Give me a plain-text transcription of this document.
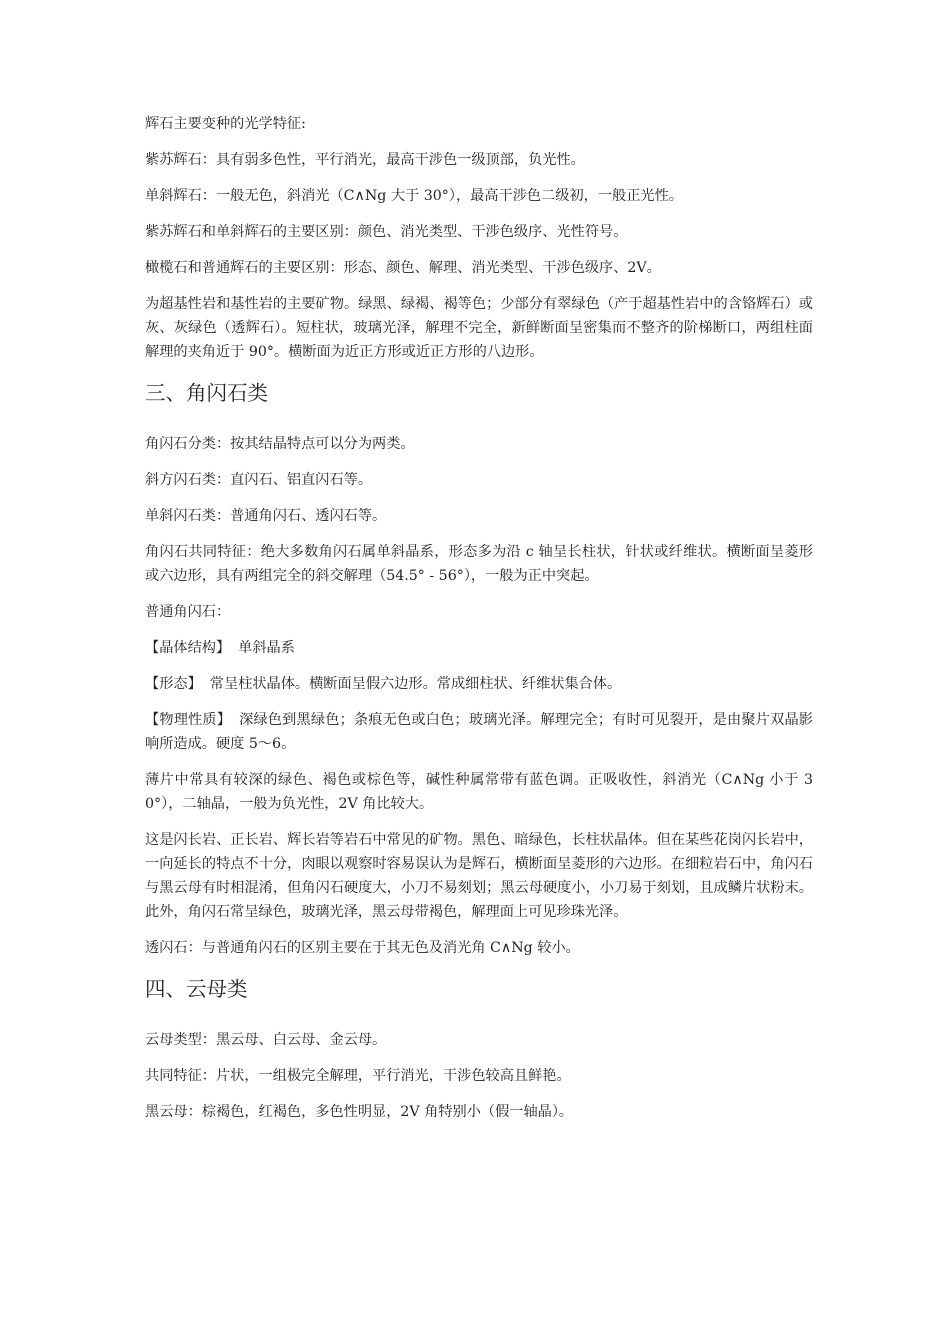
辉石主要变种的光学特征:

紫苏辉石：具有弱多色性，平行消光，最高干涉色一级顶部，负光性。

单斜辉石：一般无色，斜消光（C∧Ng 大于 30°），最高干涉色二级初，一般正光性。

紫苏辉石和单斜辉石的主要区别：颜色、消光类型、干涉色级序、光性符号。

橄榄石和普通辉石的主要区别：形态、颜色、解理、消光类型、干涉色级序、2V。

为超基性岩和基性岩的主要矿物。绿黑、绿褐、褐等色；少部分有翠绿色（产于超基性岩中的含铬辉石）或灰、灰绿色（透辉石）。短柱状，玻璃光泽，解理不完全，新鲜断面呈密集而不整齐的阶梯断口，两组柱面解理的夹角近于 90°。横断面为近正方形或近正方形的八边形。

三、角闪石类

角闪石分类：按其结晶特点可以分为两类。

斜方闪石类：直闪石、铝直闪石等。

单斜闪石类：普通角闪石、透闪石等。

角闪石共同特征：绝大多数角闪石属单斜晶系，形态多为沿 c 轴呈长柱状，针状或纤维状。横断面呈菱形或六边形，具有两组完全的斜交解理（54.5° - 56°），一般为正中突起。

普通角闪石：

【晶体结构】 单斜晶系

【形态】 常呈柱状晶体。横断面呈假六边形。常成细柱状、纤维状集合体。

【物理性质】 深绿色到黑绿色；条痕无色或白色；玻璃光泽。解理完全；有时可见裂开，是由聚片双晶影响所造成。硬度 5～6。

薄片中常具有较深的绿色、褐色或棕色等，碱性种属常带有蓝色调。正吸收性，斜消光（C∧Ng 小于 30°），二轴晶，一般为负光性，2V 角比较大。

这是闪长岩、正长岩、辉长岩等岩石中常见的矿物。黑色、暗绿色，长柱状晶体。但在某些花岗闪长岩中，一向延长的特点不十分，肉眼以观察时容易误认为是辉石，横断面呈菱形的六边形。在细粒岩石中，角闪石与黑云母有时相混淆，但角闪石硬度大，小刀不易刻划；黑云母硬度小，小刀易于刻划，且成鳞片状粉末。此外，角闪石常呈绿色，玻璃光泽，黑云母带褐色，解理面上可见珍珠光泽。

透闪石：与普通角闪石的区别主要在于其无色及消光角 C∧Ng 较小。

四、云母类

云母类型：黑云母、白云母、金云母。

共同特征：片状，一组极完全解理，平行消光，干涉色较高且鲜艳。

黑云母：棕褐色，红褐色，多色性明显，2V 角特别小（假一轴晶）。
